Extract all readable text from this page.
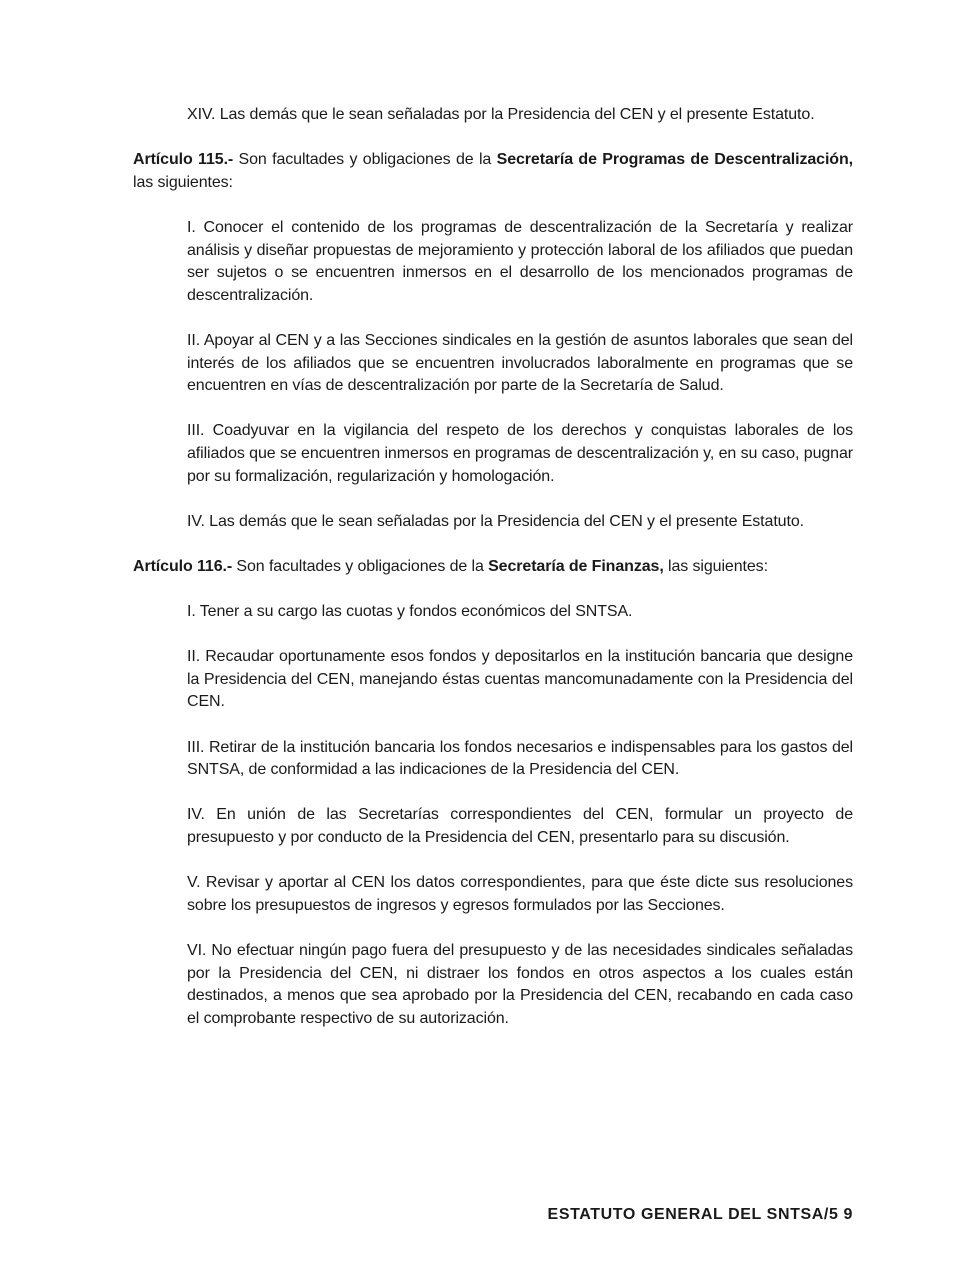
XIV. Las demás que le sean señaladas por la Presidencia del CEN y el presente Estatuto.

Artículo 115.- Son facultades y obligaciones de la Secretaría de Programas de Descentralización, las siguientes:

I. Conocer el contenido de los programas de descentralización de la Secretaría y realizar análisis y diseñar propuestas de mejoramiento y protección laboral de los afiliados que puedan ser sujetos o se encuentren inmersos en el desarrollo de los mencionados programas de descentralización.

II. Apoyar al CEN y a las Secciones sindicales en la gestión de asuntos laborales que sean del interés de los afiliados que se encuentren involucrados laboralmente en programas que se encuentren en vías de descentralización por parte de la Secretaría de Salud.

III. Coadyuvar en la vigilancia del respeto de los derechos y conquistas laborales de los afiliados que se encuentren inmersos en programas de descentralización y, en su caso, pugnar por su formalización, regularización y homologación.

IV. Las demás que le sean señaladas por la Presidencia del CEN y el presente Estatuto.

Artículo 116.- Son facultades y obligaciones de la Secretaría de Finanzas, las siguientes:

I. Tener a su cargo las cuotas y fondos económicos del SNTSA.

II. Recaudar oportunamente esos fondos y depositarlos en la institución bancaria que designe la Presidencia del CEN, manejando éstas cuentas mancomunadamente con la Presidencia del CEN.

III. Retirar de la institución bancaria los fondos necesarios e indispensables para los gastos del SNTSA, de conformidad a las indicaciones de la Presidencia del CEN.

IV. En unión de las Secretarías correspondientes del CEN, formular un proyecto de presupuesto y por conducto de la Presidencia del CEN, presentarlo para su discusión.

V. Revisar y aportar al CEN los datos correspondientes, para que éste dicte sus resoluciones sobre los presupuestos de ingresos y egresos formulados por las Secciones.

VI. No efectuar ningún pago fuera del presupuesto y de las necesidades sindicales señaladas por la Presidencia del CEN, ni distraer los fondos en otros aspectos a los cuales están destinados, a menos que sea aprobado por la Presidencia del CEN, recabando en cada caso el comprobante respectivo de su autorización.

ESTATUTO GENERAL DEL SNTSA/5 9
